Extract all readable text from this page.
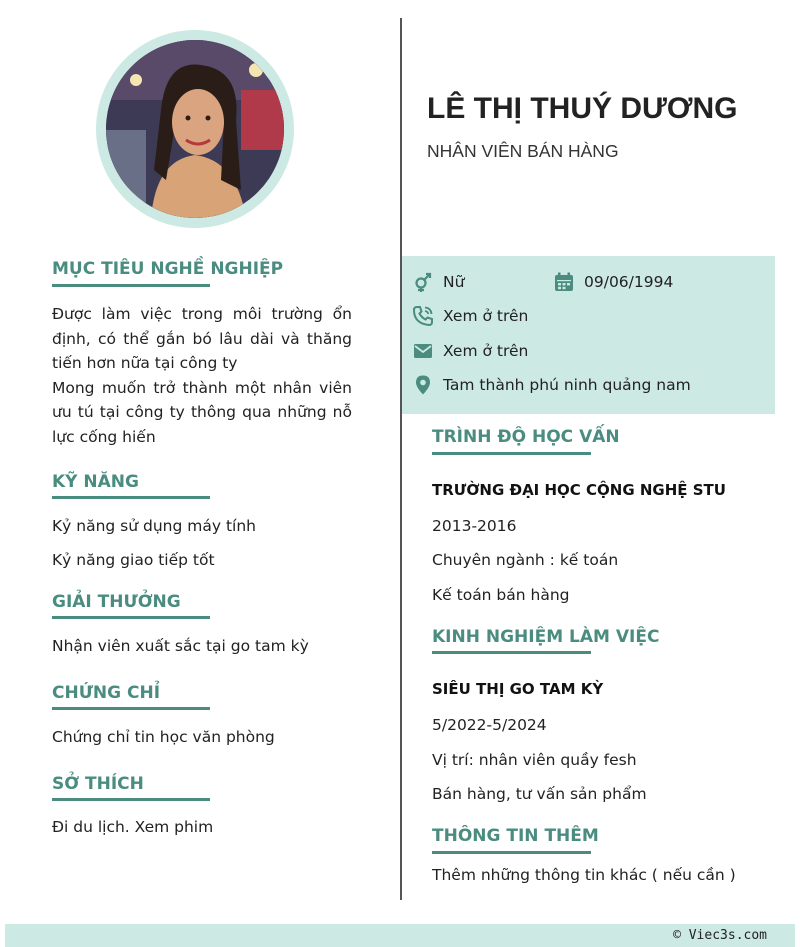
MỤC TIÊU NGHỀ NGHIỆP
Được làm việc trong môi trường ổn định, có thể gắn bó lâu dài và thăng tiến hơn nữa tại công ty
Mong muốn trở thành một nhân viên ưu tú tại công ty thông qua những nỗ lực cống hiến
KỸ NĂNG
Kỷ năng sử dụng máy tính
Kỷ năng giao tiếp tốt
GIẢI THƯỞNG
Nhận viên xuất sắc tại go tam kỳ
CHỨNG CHỈ
Chứng chỉ tin học văn phòng
SỞ THÍCH
Đi du lịch. Xem phim
LÊ THỊ THUÝ DƯƠNG
NHÂN VIÊN BÁN HÀNG
Nữ	09/06/1994
Xem ở trên
Xem ở trên
Tam thành phú ninh quảng nam
TRÌNH ĐỘ HỌC VẤN
TRƯỜNG ĐẠI HỌC CỘNG NGHỆ STU
2013-2016
Chuyên ngành : kế toán
Kế toán bán hàng
KINH NGHIỆM LÀM VIỆC
SIÊU THỊ GO TAM KỲ
5/2022-5/2024
Vị trí: nhân viên quầy fesh
Bán hàng, tư vấn sản phẩm
THÔNG TIN THÊM
Thêm những thông tin khác ( nếu cần )
© Viec3s.com
